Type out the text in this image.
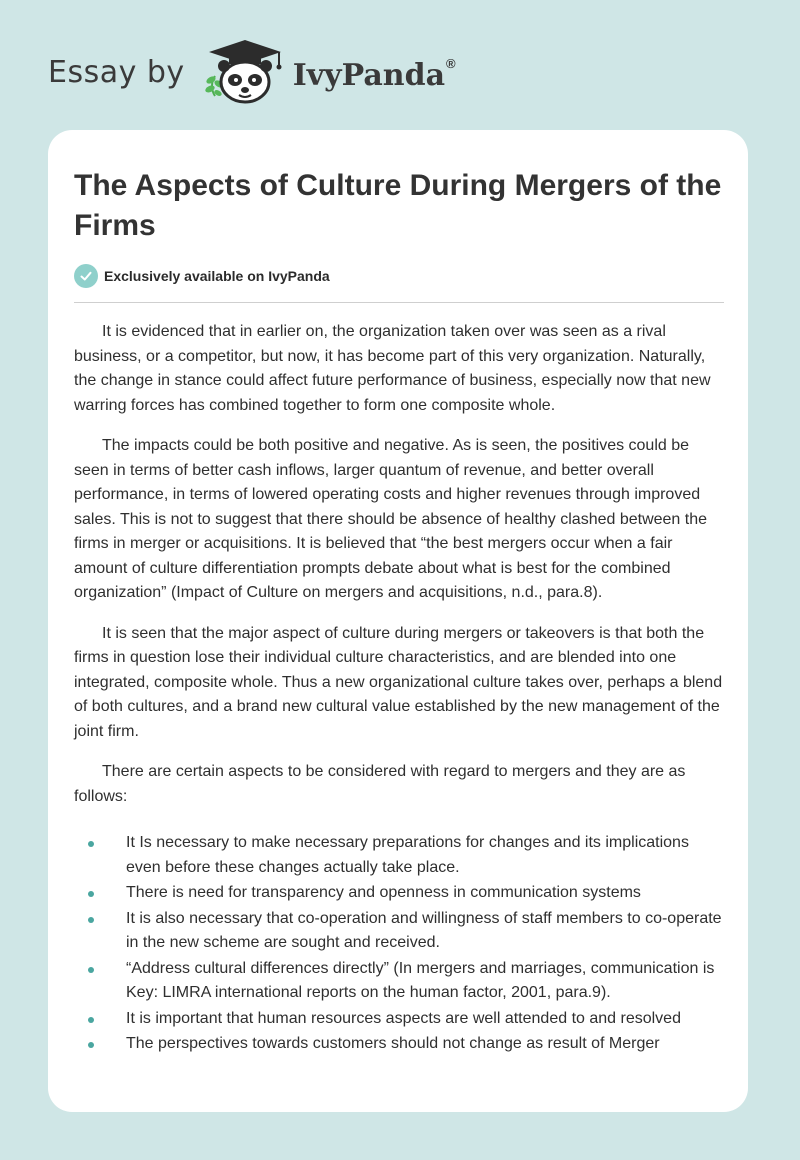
Essay by	IvyPanda®
The Aspects of Culture During Mergers of the Firms
Exclusively available on IvyPanda

It is evidenced that in earlier on, the organization taken over was seen as a rival business, or a competitor, but now, it has become part of this very organization. Naturally, the change in stance could affect future performance of business, especially now that new warring forces has combined together to form one composite whole.

The impacts could be both positive and negative. As is seen, the positives could be seen in terms of better cash inflows, larger quantum of revenue, and better overall performance, in terms of lowered operating costs and higher revenues through improved sales. This is not to suggest that there should be absence of healthy clashed between the firms in merger or acquisitions. It is believed that “the best mergers occur when a fair amount of culture differentiation prompts debate about what is best for the combined organization” (Impact of Culture on mergers and acquisitions, n.d., para.8).

It is seen that the major aspect of culture during mergers or takeovers is that both the firms in question lose their individual culture characteristics, and are blended into one integrated, composite whole. Thus a new organizational culture takes over, perhaps a blend of both cultures, and a brand new cultural value established by the new management of the joint firm.

There are certain aspects to be considered with regard to mergers and they are as follows:

It Is necessary to make necessary preparations for changes and its implications even before these changes actually take place.
There is need for transparency and openness in communication systems
It is also necessary that co-operation and willingness of staff members to co-operate in the new scheme are sought and received.
“Address cultural differences directly” (In mergers and marriages, communication is Key: LIMRA international reports on the human factor, 2001, para.9).
It is important that human resources aspects are well attended to and resolved
The perspectives towards customers should not change as result of Merger
